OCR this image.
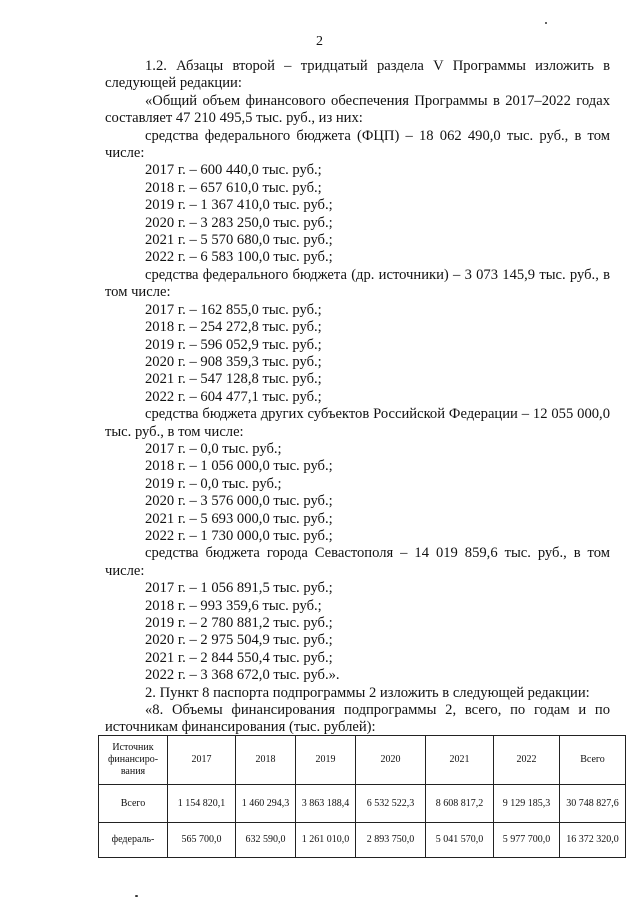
2

1.2. Абзацы второй – тридцатый раздела V Программы изложить в следующей редакции:

«Общий объем финансового обеспечения Программы в 2017–2022 годах составляет 47 210 495,5 тыс. руб., из них:

средства федерального бюджета (ФЦП) – 18 062 490,0 тыс. руб., в том числе:

2017 г. – 600 440,0 тыс. руб.;

2018 г. – 657 610,0 тыс. руб.;

2019 г. – 1 367 410,0 тыс. руб.;

2020 г. – 3 283 250,0 тыс. руб.;

2021 г. – 5 570 680,0 тыс. руб.;

2022 г. – 6 583 100,0 тыс. руб.;

средства федерального бюджета (др. источники) – 3 073 145,9 тыс. руб., в том числе:

2017 г. – 162 855,0 тыс. руб.;

2018 г. – 254 272,8 тыс. руб.;

2019 г. – 596 052,9 тыс. руб.;

2020 г. – 908 359,3 тыс. руб.;

2021 г. – 547 128,8 тыс. руб.;

2022 г. – 604 477,1 тыс. руб.;

средства бюджета других субъектов Российской Федерации – 12 055 000,0 тыс. руб., в том числе:

2017 г. – 0,0 тыс. руб.;

2018 г. – 1 056 000,0 тыс. руб.;

2019 г. – 0,0 тыс. руб.;

2020 г. – 3 576 000,0 тыс. руб.;

2021 г. – 5 693 000,0 тыс. руб.;

2022 г. – 1 730 000,0 тыс. руб.;

средства бюджета города Севастополя – 14 019 859,6 тыс. руб., в том числе:

2017 г. – 1 056 891,5 тыс. руб.;

2018 г. – 993 359,6 тыс. руб.;

2019 г. – 2 780 881,2 тыс. руб.;

2020 г. – 2 975 504,9 тыс. руб.;

2021 г. – 2 844 550,4 тыс. руб.;

2022 г. – 3 368 672,0 тыс. руб.».

2. Пункт 8 паспорта подпрограммы 2 изложить в следующей редакции:

«8. Объемы финансирования подпрограммы 2, всего, по годам и по источникам финансирования (тыс. рублей):

Источник финансиро-вания	2017	2018	2019	2020	2021	2022	Всего
Всего	1 154 820,1	1 460 294,3	3 863 188,4	6 532 522,3	8 608 817,2	9 129 185,3	30 748 827,6
федераль-	565 700,0	632 590,0	1 261 010,0	2 893 750,0	5 041 570,0	5 977 700,0	16 372 320,0
